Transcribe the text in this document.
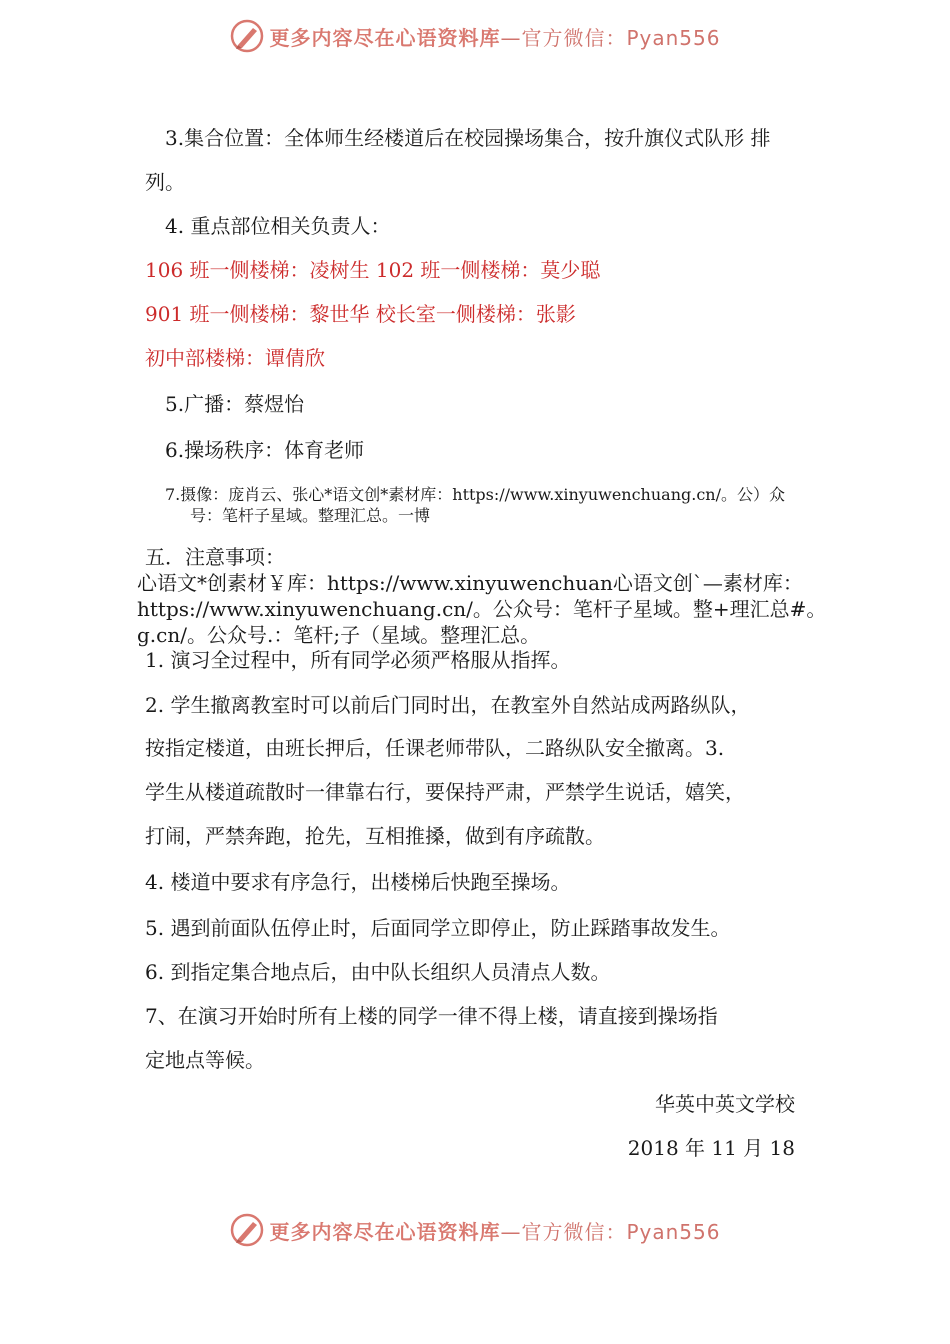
更多内容尽在心语资料库 —官方微信：Pyan556
3.集合位置：全体师生经楼道后在校园操场集合，按升旗仪式队形 排
列。
4. 重点部位相关负责人：
106 班一侧楼梯：凌树生 102 班一侧楼梯：莫少聪
901 班一侧楼梯：黎世华 校长室一侧楼梯：张影
初中部楼梯：谭倩欣
5.广播：蔡煜怡
6.操场秩序：体育老师
7.摄像：庞肖云、张心*语文创*素材库：https://www.xinyuwenchuang.cn/。公）众
号：笔杆子星域。整理汇总。一博
五．注意事项：
心语文*创素材￥库：https://www.xinyuwenchuan心语文创`—素材库：
https://www.xinyuwenchuang.cn/。公众号：笔杆子星域。整+理汇总#。
g.cn/。公众号.：笔杆;子（星域。整理汇总。
1. 演习全过程中，所有同学必须严格服从指挥。
2. 学生撤离教室时可以前后门同时出，在教室外自然站成两路纵队，
按指定楼道，由班长押后，任课老师带队，二路纵队安全撤离。3.
学生从楼道疏散时一律靠右行，要保持严肃，严禁学生说话，嬉笑，
打闹，严禁奔跑，抢先，互相推搡，做到有序疏散。
4. 楼道中要求有序急行，出楼梯后快跑至操场。
5. 遇到前面队伍停止时，后面同学立即停止，防止踩踏事故发生。
6. 到指定集合地点后，由中队长组织人员清点人数。
7、在演习开始时所有上楼的同学一律不得上楼，请直接到操场指
定地点等候。
华英中英文学校
2018 年 11 月 18
更多内容尽在心语资料库 —官方微信：Pyan556
